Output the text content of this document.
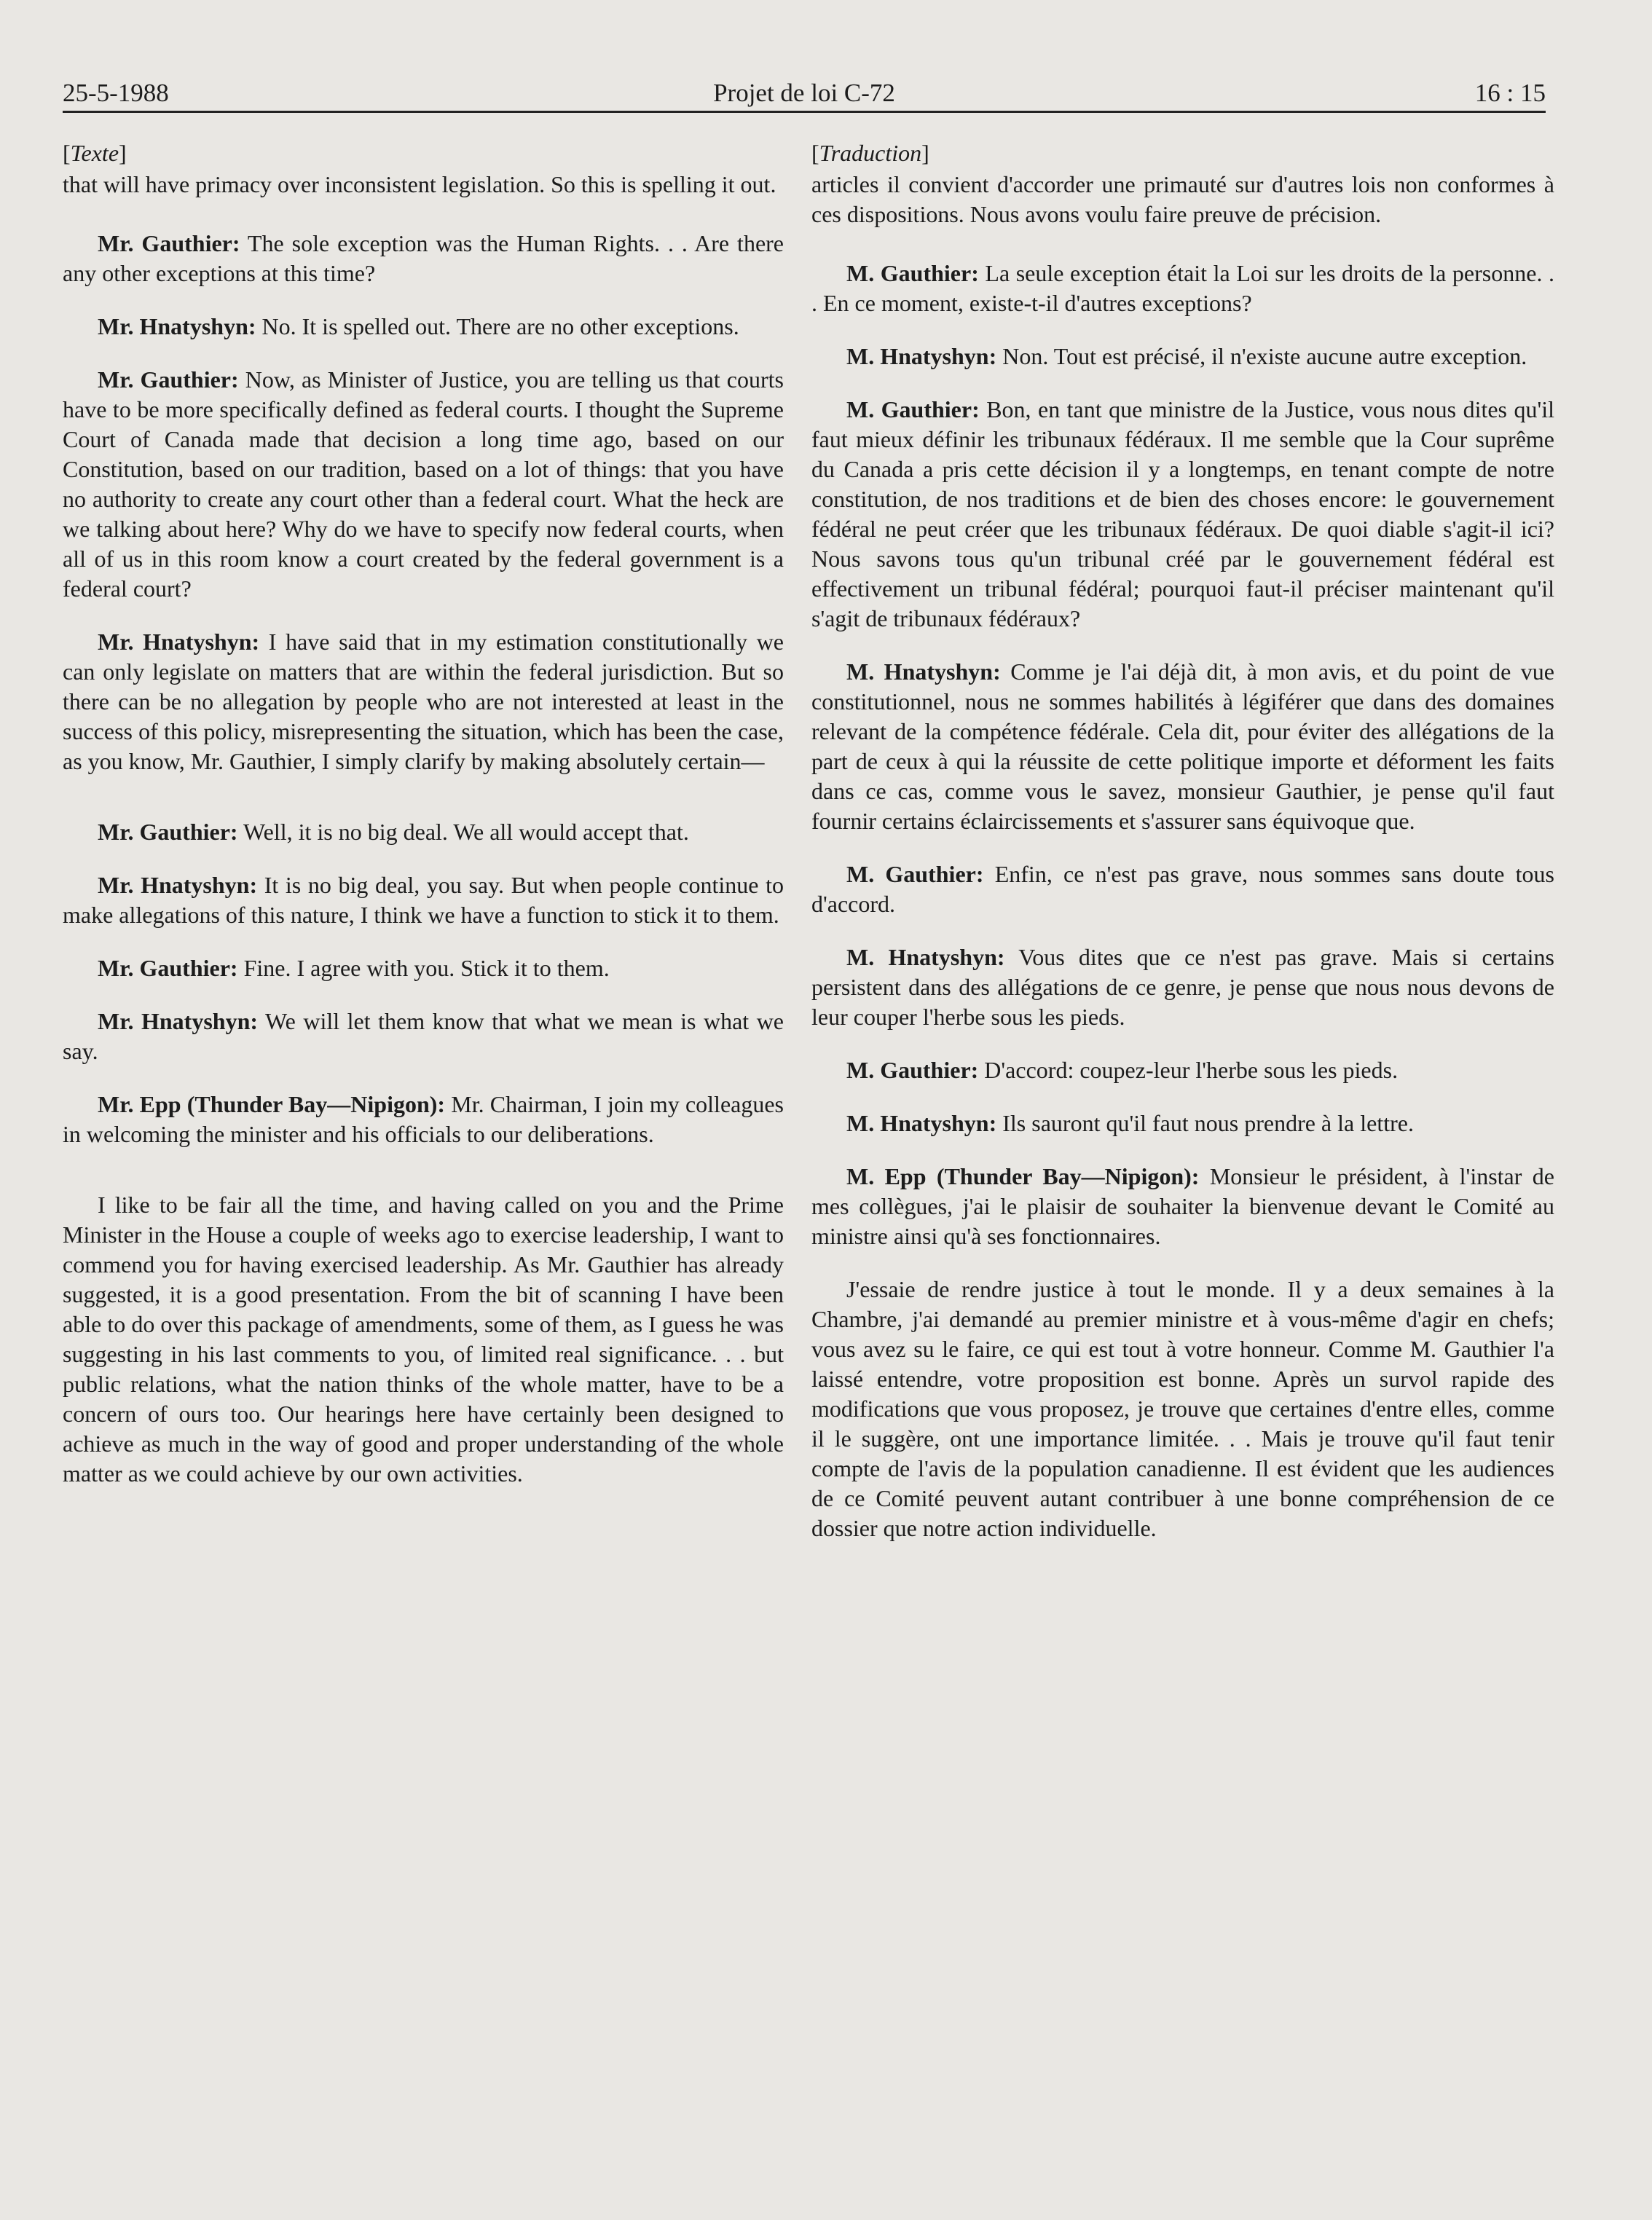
25-5-1988	Projet de loi C-72	16 : 15
[Texte]

that will have primacy over inconsistent legislation. So this is spelling it out.

Mr. Gauthier: The sole exception was the Human Rights. . . Are there any other exceptions at this time?

Mr. Hnatyshyn: No. It is spelled out. There are no other exceptions.

Mr. Gauthier: Now, as Minister of Justice, you are telling us that courts have to be more specifically defined as federal courts. I thought the Supreme Court of Canada made that decision a long time ago, based on our Constitution, based on our tradition, based on a lot of things: that you have no authority to create any court other than a federal court. What the heck are we talking about here? Why do we have to specify now federal courts, when all of us in this room know a court created by the federal government is a federal court?

Mr. Hnatyshyn: I have said that in my estimation constitutionally we can only legislate on matters that are within the federal jurisdiction. But so there can be no allegation by people who are not interested at least in the success of this policy, misrepresenting the situation, which has been the case, as you know, Mr. Gauthier, I simply clarify by making absolutely certain—

Mr. Gauthier: Well, it is no big deal. We all would accept that.

Mr. Hnatyshyn: It is no big deal, you say. But when people continue to make allegations of this nature, I think we have a function to stick it to them.

Mr. Gauthier: Fine. I agree with you. Stick it to them.

Mr. Hnatyshyn: We will let them know that what we mean is what we say.

Mr. Epp (Thunder Bay—Nipigon): Mr. Chairman, I join my colleagues in welcoming the minister and his officials to our deliberations.

I like to be fair all the time, and having called on you and the Prime Minister in the House a couple of weeks ago to exercise leadership, I want to commend you for having exercised leadership. As Mr. Gauthier has already suggested, it is a good presentation. From the bit of scanning I have been able to do over this package of amendments, some of them, as I guess he was suggesting in his last comments to you, of limited real significance. . . but public relations, what the nation thinks of the whole matter, have to be a concern of ours too. Our hearings here have certainly been designed to achieve as much in the way of good and proper understanding of the whole matter as we could achieve by our own activities.

[Traduction]

articles il convient d'accorder une primauté sur d'autres lois non conformes à ces dispositions. Nous avons voulu faire preuve de précision.

M. Gauthier: La seule exception était la Loi sur les droits de la personne. . . En ce moment, existe-t-il d'autres exceptions?

M. Hnatyshyn: Non. Tout est précisé, il n'existe aucune autre exception.

M. Gauthier: Bon, en tant que ministre de la Justice, vous nous dites qu'il faut mieux définir les tribunaux fédéraux. Il me semble que la Cour suprême du Canada a pris cette décision il y a longtemps, en tenant compte de notre constitution, de nos traditions et de bien des choses encore: le gouvernement fédéral ne peut créer que les tribunaux fédéraux. De quoi diable s'agit-il ici? Nous savons tous qu'un tribunal créé par le gouvernement fédéral est effectivement un tribunal fédéral; pourquoi faut-il préciser maintenant qu'il s'agit de tribunaux fédéraux?

M. Hnatyshyn: Comme je l'ai déjà dit, à mon avis, et du point de vue constitutionnel, nous ne sommes habilités à légiférer que dans des domaines relevant de la compétence fédérale. Cela dit, pour éviter des allégations de la part de ceux à qui la réussite de cette politique importe et déforment les faits dans ce cas, comme vous le savez, monsieur Gauthier, je pense qu'il faut fournir certains éclaircissements et s'assurer sans équivoque que.

M. Gauthier: Enfin, ce n'est pas grave, nous sommes sans doute tous d'accord.

M. Hnatyshyn: Vous dites que ce n'est pas grave. Mais si certains persistent dans des allégations de ce genre, je pense que nous nous devons de leur couper l'herbe sous les pieds.

M. Gauthier: D'accord: coupez-leur l'herbe sous les pieds.

M. Hnatyshyn: Ils sauront qu'il faut nous prendre à la lettre.

M. Epp (Thunder Bay—Nipigon): Monsieur le président, à l'instar de mes collègues, j'ai le plaisir de souhaiter la bienvenue devant le Comité au ministre ainsi qu'à ses fonctionnaires.

J'essaie de rendre justice à tout le monde. Il y a deux semaines à la Chambre, j'ai demandé au premier ministre et à vous-même d'agir en chefs; vous avez su le faire, ce qui est tout à votre honneur. Comme M. Gauthier l'a laissé entendre, votre proposition est bonne. Après un survol rapide des modifications que vous proposez, je trouve que certaines d'entre elles, comme il le suggère, ont une importance limitée. . . Mais je trouve qu'il faut tenir compte de l'avis de la population canadienne. Il est évident que les audiences de ce Comité peuvent autant contribuer à une bonne compréhension de ce dossier que notre action individuelle.
